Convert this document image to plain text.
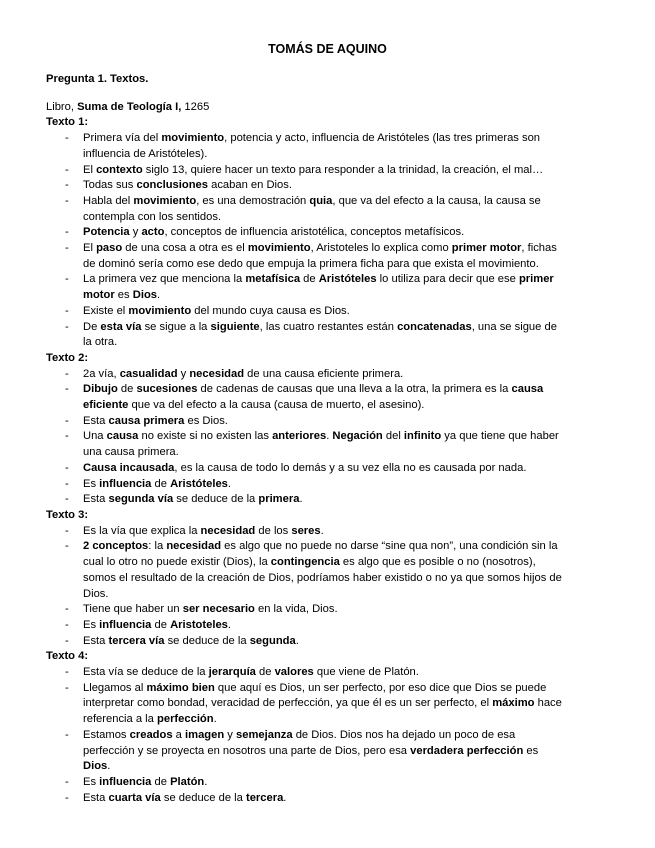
TOMÁS DE AQUINO
Pregunta 1. Textos.
Libro, Suma de Teología I, 1265
Texto 1:
- Primera vía del movimiento, potencia y acto, influencia de Aristóteles (las tres primeras son
influencia de Aristóteles).
- El contexto siglo 13, quiere hacer un texto para responder a la trinidad, la creación, el mal…
- Todas sus conclusiones acaban en Dios.
- Habla del movimiento, es una demostración quia, que va del efecto a la causa, la causa se
contempla con los sentidos.
- Potencia y acto, conceptos de influencia aristotélica, conceptos metafísicos.
- El paso de una cosa a otra es el movimiento, Aristoteles lo explica como primer motor, fichas
de dominó sería como ese dedo que empuja la primera ficha para que exista el movimiento.
- La primera vez que menciona la metafísica de Aristóteles lo utiliza para decir que ese primer
motor es Dios.
- Existe el movimiento del mundo cuya causa es Dios.
- De esta vía se sigue a la siguiente, las cuatro restantes están concatenadas, una se sigue de
la otra.
Texto 2:
- 2a vía, casualidad y necesidad de una causa eficiente primera.
- Dibujo de sucesiones de cadenas de causas que una lleva a la otra, la primera es la causa
eficiente que va del efecto a la causa (causa de muerto, el asesino).
- Esta causa primera es Dios.
- Una causa no existe si no existen las anteriores. Negación del infinito ya que tiene que haber
una causa primera.
- Causa incausada, es la causa de todo lo demás y a su vez ella no es causada por nada.
- Es influencia de Aristóteles.
- Esta segunda vía se deduce de la primera.
Texto 3:
- Es la vía que explica la necesidad de los seres.
- 2 conceptos: la necesidad es algo que no puede no darse “sine qua non”, una condición sin la
cual lo otro no puede existir (Dios), la contingencia es algo que es posible o no (nosotros),
somos el resultado de la creación de Dios, podríamos haber existido o no ya que somos hijos de
Dios.
- Tiene que haber un ser necesario en la vida, Dios.
- Es influencia de Aristoteles.
- Esta tercera vía se deduce de la segunda.
Texto 4:
- Esta vía se deduce de la jerarquía de valores que viene de Platón.
- Llegamos al máximo bien que aquí es Dios, un ser perfecto, por eso dice que Dios se puede
interpretar como bondad, veracidad de perfección, ya que él es un ser perfecto, el máximo hace
referencia a la perfección.
- Estamos creados a imagen y semejanza de Dios. Dios nos ha dejado un poco de esa
perfección y se proyecta en nosotros una parte de Dios, pero esa verdadera perfección es
Dios.
- Es influencia de Platón.
- Esta cuarta vía se deduce de la tercera.
